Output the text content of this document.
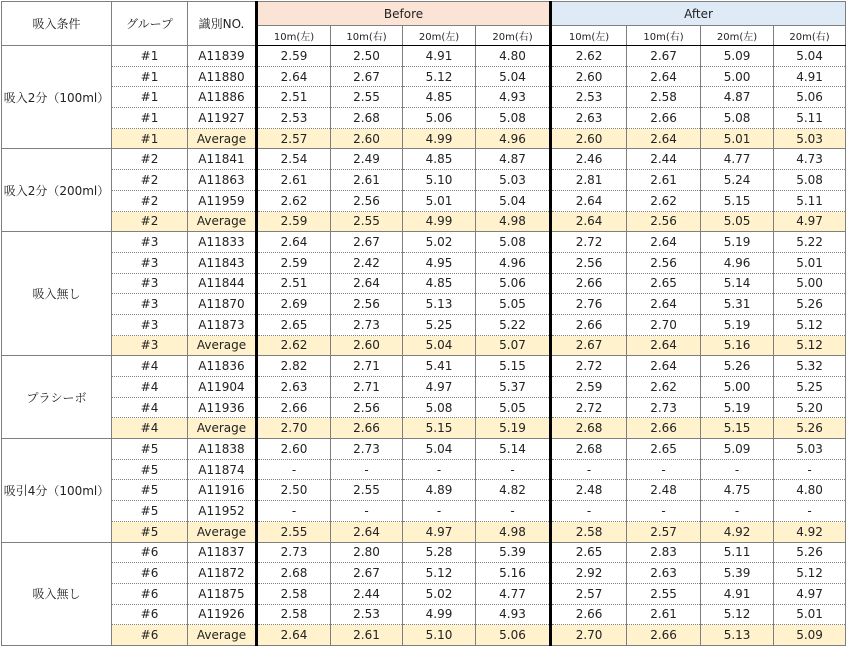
吸入条件	グループ	識別NO.	Before				After			
			10m(左)	10m(右)	20m(左)	20m(右)	10m(左)	10m(右)	20m(左)	20m(右)
吸入2分（100ml）	#1	A11839	2.59	2.50	4.91	4.80	2.62	2.67	5.09	5.04
	#1	A11880	2.64	2.67	5.12	5.04	2.60	2.64	5.00	4.91
	#1	A11886	2.51	2.55	4.85	4.93	2.53	2.58	4.87	5.06
	#1	A11927	2.53	2.68	5.06	5.08	2.63	2.66	5.08	5.11
	#1	Average	2.57	2.60	4.99	4.96	2.60	2.64	5.01	5.03
吸入2分（200ml）	#2	A11841	2.54	2.49	4.85	4.87	2.46	2.44	4.77	4.73
	#2	A11863	2.61	2.61	5.10	5.03	2.81	2.61	5.24	5.08
	#2	A11959	2.62	2.56	5.01	5.04	2.64	2.62	5.15	5.11
	#2	Average	2.59	2.55	4.99	4.98	2.64	2.56	5.05	4.97
吸入無し	#3	A11833	2.64	2.67	5.02	5.08	2.72	2.64	5.19	5.22
	#3	A11843	2.59	2.42	4.95	4.96	2.56	2.56	4.96	5.01
	#3	A11844	2.51	2.64	4.85	5.06	2.66	2.65	5.14	5.00
	#3	A11870	2.69	2.56	5.13	5.05	2.76	2.64	5.31	5.26
	#3	A11873	2.65	2.73	5.25	5.22	2.66	2.70	5.19	5.12
	#3	Average	2.62	2.60	5.04	5.07	2.67	2.64	5.16	5.12
プラシーボ	#4	A11836	2.82	2.71	5.41	5.15	2.72	2.64	5.26	5.32
	#4	A11904	2.63	2.71	4.97	5.37	2.59	2.62	5.00	5.25
	#4	A11936	2.66	2.56	5.08	5.05	2.72	2.73	5.19	5.20
	#4	Average	2.70	2.66	5.15	5.19	2.68	2.66	5.15	5.26
吸引4分（100ml）	#5	A11838	2.60	2.73	5.04	5.14	2.68	2.65	5.09	5.03
	#5	A11874	-	-	-	-	-	-	-	-
	#5	A11916	2.50	2.55	4.89	4.82	2.48	2.48	4.75	4.80
	#5	A11952	-	-	-	-	-	-	-	-
	#5	Average	2.55	2.64	4.97	4.98	2.58	2.57	4.92	4.92
吸入無し	#6	A11837	2.73	2.80	5.28	5.39	2.65	2.83	5.11	5.26
	#6	A11872	2.68	2.67	5.12	5.16	2.92	2.63	5.39	5.12
	#6	A11875	2.58	2.44	5.02	4.77	2.57	2.55	4.91	4.97
	#6	A11926	2.58	2.53	4.99	4.93	2.66	2.61	5.12	5.01
	#6	Average	2.64	2.61	5.10	5.06	2.70	2.66	5.13	5.09
